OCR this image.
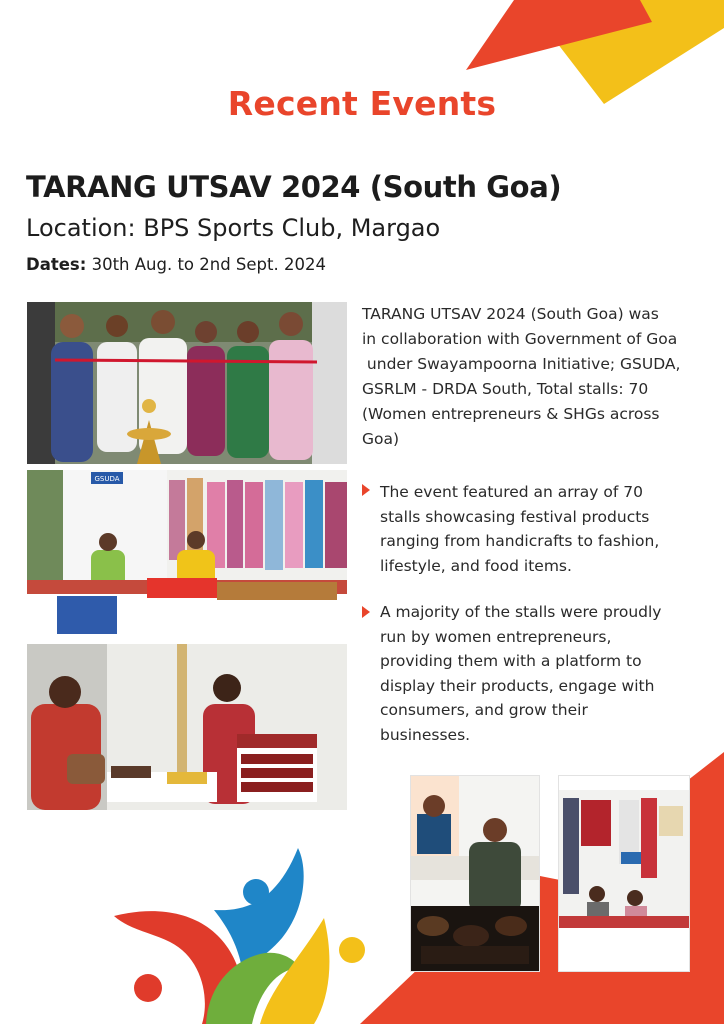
Recent Events
TARANG UTSAV 2024 (South Goa)
Location: BPS Sports Club, Margao
Dates: 30th Aug. to 2nd Sept. 2024
TARANG UTSAV 2024 (South Goa) was
in collaboration with Government of Goa
under Swayampoorna Initiative; GSUDA,
GSRLM - DRDA South, Total stalls: 70
(Women entrepreneurs & SHGs across
Goa)
The event featured an array of 70
stalls showcasing festival products
ranging from handicrafts to fashion,
lifestyle, and food items.
A majority of the stalls were proudly
run by women entrepreneurs,
providing them with a platform to
display their products, engage with
consumers, and grow their
businesses.
GSUDA
